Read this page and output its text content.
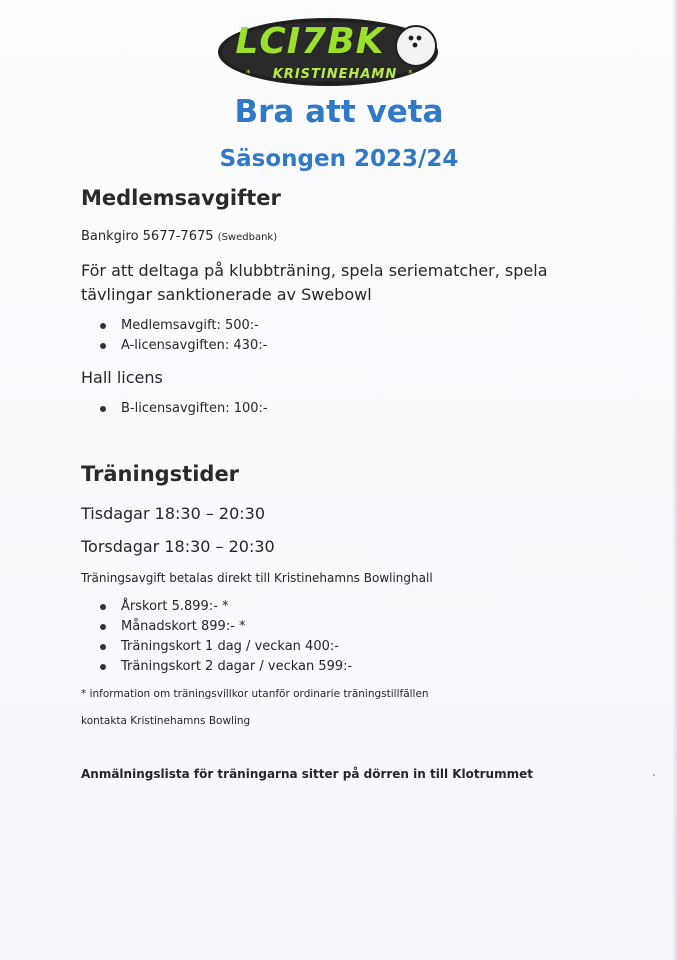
*	*
LCI7BK
KRISTINEHAMN
Bra att veta
Säsongen 2023/24
Medlemsavgifter
Bankgiro 5677-7675 (Swedbank)
För att deltaga på klubbträning, spela seriematcher, spela
tävlingar sanktionerade av Swebowl
Medlemsavgift: 500:-
A-licensavgiften: 430:-
Hall licens
B-licensavgiften: 100:-
Träningstider
Tisdagar 18:30 – 20:30
Torsdagar 18:30 – 20:30
Träningsavgift betalas direkt till Kristinehamns Bowlinghall
Årskort 5.899:- *
Månadskort 899:- *
Träningskort 1 dag / veckan 400:-
Träningskort 2 dagar / veckan 599:-
* information om träningsvillkor utanför ordinarie träningstillfällen
kontakta Kristinehamns Bowling
Anmälningslista för träningarna sitter på dörren in till Klotrummet
